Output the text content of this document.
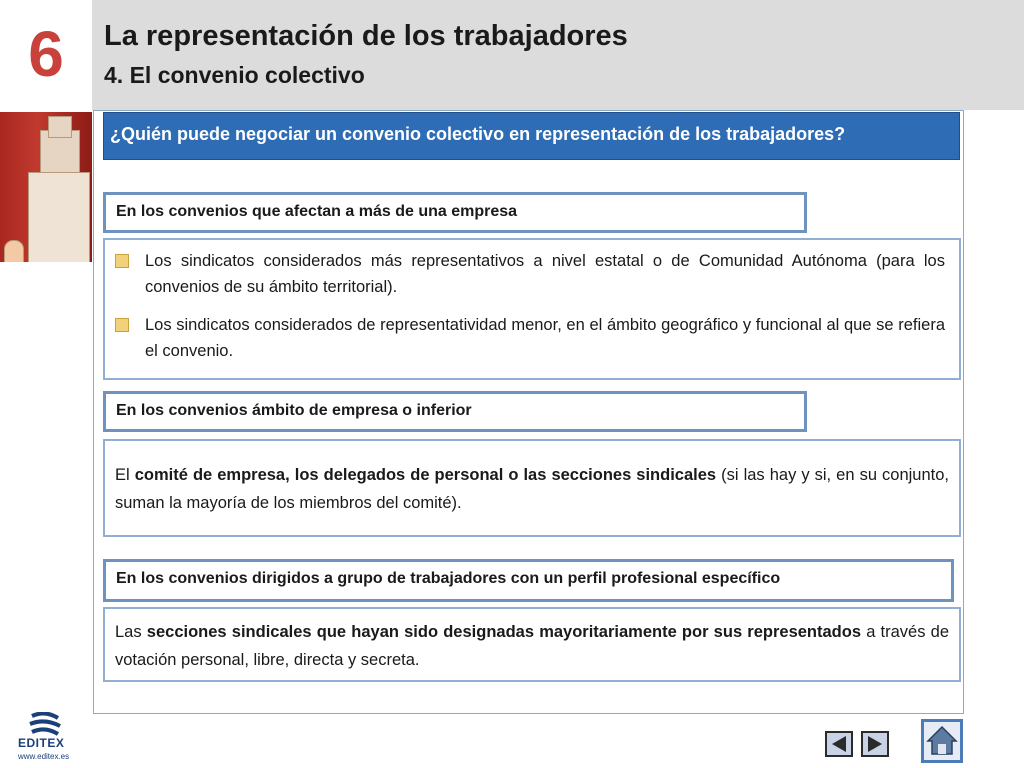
6	La representación de los trabajadores
4. El convenio colectivo
¿Quién puede negociar un convenio colectivo en representación de los trabajadores?
En los convenios que afectan a más de una empresa
Los sindicatos considerados más representativos a nivel estatal o de Comunidad Autónoma (para los convenios de su ámbito territorial).
Los sindicatos considerados de representatividad menor, en el ámbito geográfico y funcional al que se refiera el convenio.
En los convenios ámbito de empresa o inferior
El comité de empresa, los delegados de personal o las secciones sindicales (si las hay y si, en su conjunto, suman la mayoría de los miembros del comité).
En los convenios dirigidos a grupo de trabajadores con un perfil profesional específico
Las secciones sindicales que hayan sido designadas mayoritariamente por sus representados a través de votación personal, libre, directa y secreta.
EDITEX
www.editex.es
